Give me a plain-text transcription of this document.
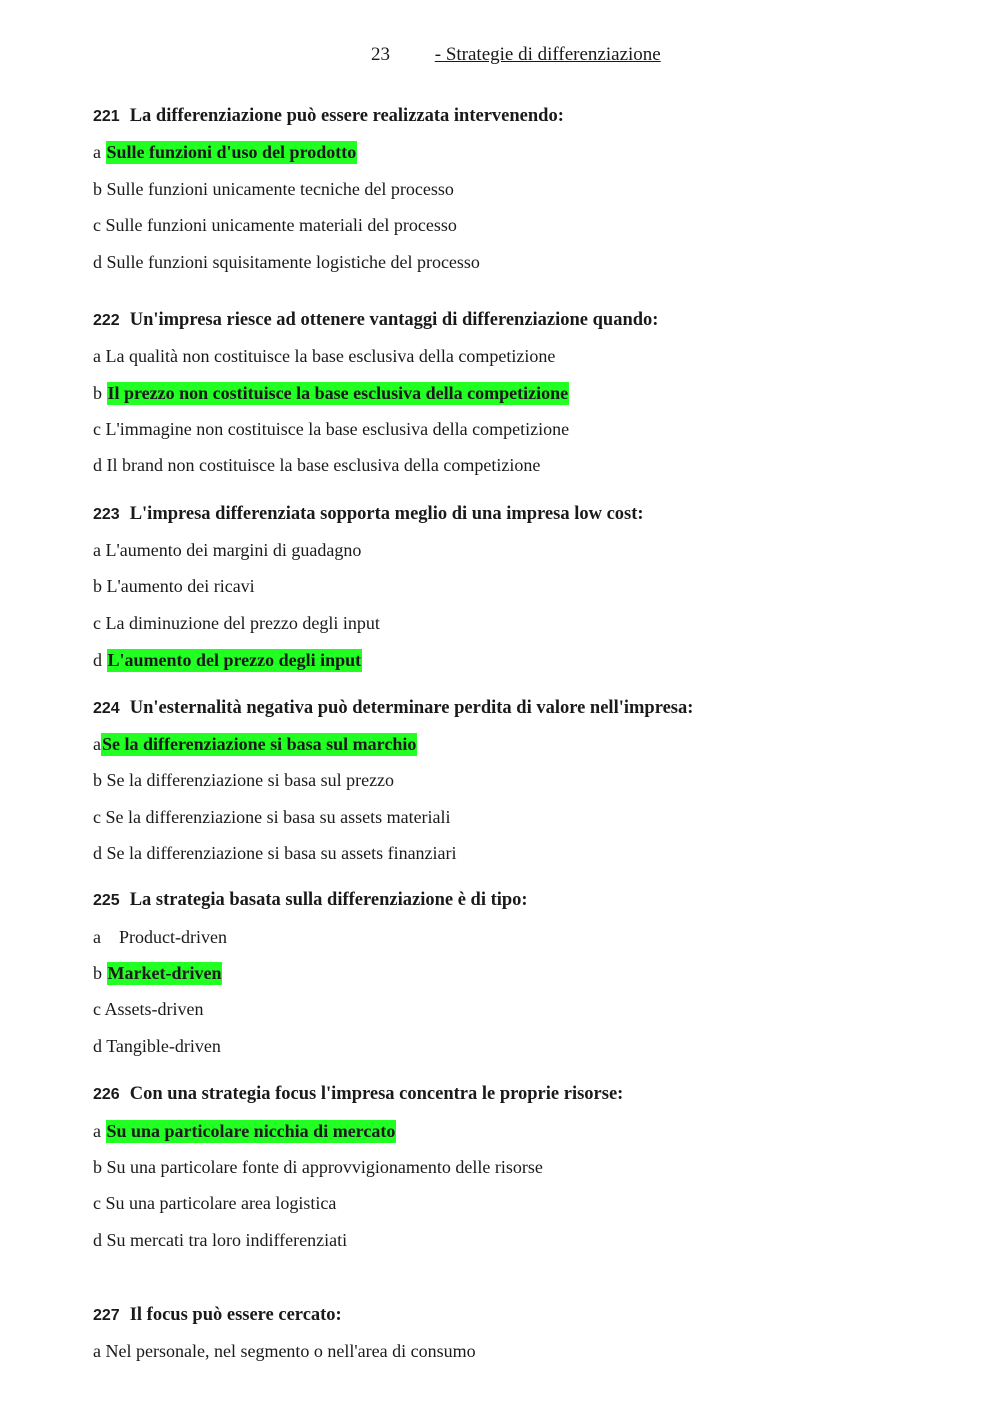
23 - Strategie di differenziazione
221 La differenziazione può essere realizzata intervenendo:
a Sulle funzioni d'uso del prodotto
b Sulle funzioni unicamente tecniche del processo
c Sulle funzioni unicamente materiali del processo
d Sulle funzioni squisitamente logistiche del processo
222 Un'impresa riesce ad ottenere vantaggi di differenziazione quando:
a La qualità non costituisce la base esclusiva della competizione
b Il prezzo non costituisce la base esclusiva della competizione
c L'immagine non costituisce la base esclusiva della competizione
d Il brand non costituisce la base esclusiva della competizione
223 L'impresa differenziata sopporta meglio di una impresa low cost:
a L'aumento dei margini di guadagno
b L'aumento dei ricavi
c La diminuzione del prezzo degli input
d L'aumento del prezzo degli input
224 Un'esternalità negativa può determinare perdita di valore nell'impresa:
aSe la differenziazione si basa sul marchio
b Se la differenziazione si basa sul prezzo
c Se la differenziazione si basa su assets materiali
d Se la differenziazione si basa su assets finanziari
225 La strategia basata sulla differenziazione è di tipo:
a    Product-driven
b Market-driven
c Assets-driven
d Tangible-driven
226 Con una strategia focus l'impresa concentra le proprie risorse:
a Su una particolare nicchia di mercato
b Su una particolare fonte di approvvigionamento delle risorse
c Su una particolare area logistica
d Su mercati tra loro indifferenziati
227 Il focus può essere cercato:
a Nel personale, nel segmento o nell'area di consumo
